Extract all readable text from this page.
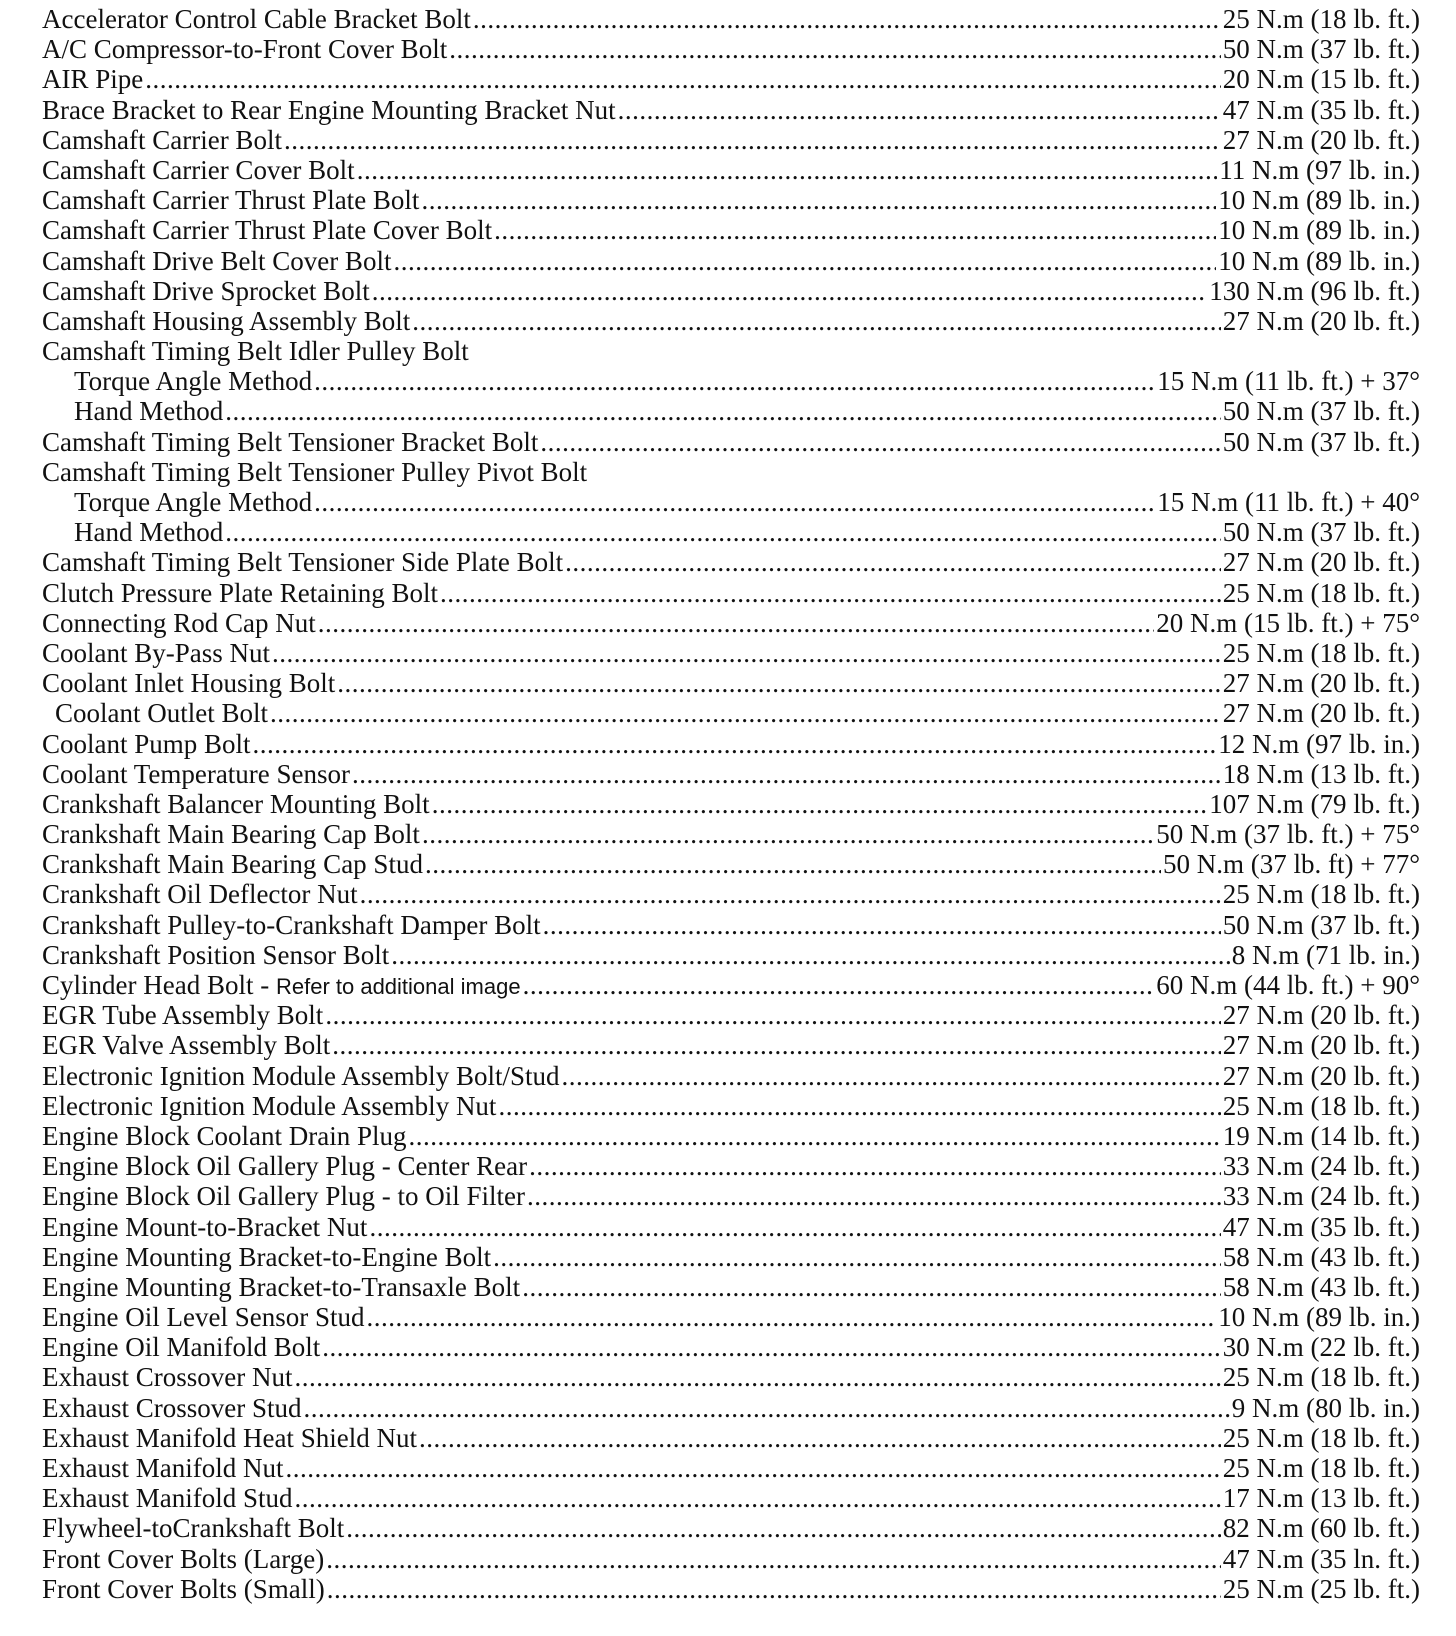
Accelerator Control Cable Bracket Bolt .....	25 N.m (18 lb. ft.)
A/C Compressor-to-Front Cover Bolt .....	50 N.m (37 lb. ft.)
AIR Pipe .....	20 N.m (15 lb. ft.)
Brace Bracket to Rear Engine Mounting Bracket Nut .....	47 N.m (35 lb. ft.)
Camshaft Carrier Bolt .....	27 N.m (20 lb. ft.)
Camshaft Carrier Cover Bolt .....	11 N.m (97 lb. in.)
Camshaft Carrier Thrust Plate Bolt .....	10 N.m (89 lb. in.)
Camshaft Carrier Thrust Plate Cover Bolt .....	10 N.m (89 lb. in.)
Camshaft Drive Belt Cover Bolt .....	10 N.m (89 lb. in.)
Camshaft Drive Sprocket Bolt .....	130 N.m (96 lb. ft.)
Camshaft Housing Assembly Bolt .....	27 N.m (20 lb. ft.)
Camshaft Timing Belt Idler Pulley Bolt
Torque Angle Method .....	15 N.m (11 lb. ft.) + 37°
Hand Method .....	50 N.m (37 lb. ft.)
Camshaft Timing Belt Tensioner Bracket Bolt .....	50 N.m (37 lb. ft.)
Camshaft Timing Belt Tensioner Pulley Pivot Bolt
Torque Angle Method .....	15 N.m (11 lb. ft.) + 40°
Hand Method .....	50 N.m (37 lb. ft.)
Camshaft Timing Belt Tensioner Side Plate Bolt .....	27 N.m (20 lb. ft.)
Clutch Pressure Plate Retaining Bolt .....	25 N.m (18 lb. ft.)
Connecting Rod Cap Nut .....	20 N.m (15 lb. ft.) + 75°
Coolant By-Pass Nut .....	25 N.m (18 lb. ft.)
Coolant Inlet Housing Bolt .....	27 N.m (20 lb. ft.)
Coolant Outlet Bolt .....	27 N.m (20 lb. ft.)
Coolant Pump Bolt .....	12 N.m (97 lb. in.)
Coolant Temperature Sensor .....	18 N.m (13 lb. ft.)
Crankshaft Balancer Mounting Bolt .....	107 N.m (79 lb. ft.)
Crankshaft Main Bearing Cap Bolt .....	50 N.m (37 lb. ft.) + 75°
Crankshaft Main Bearing Cap Stud .....	50 N.m (37 lb. ft) + 77°
Crankshaft Oil Deflector Nut .....	25 N.m (18 lb. ft.)
Crankshaft Pulley-to-Crankshaft Damper Bolt .....	50 N.m (37 lb. ft.)
Crankshaft Position Sensor Bolt .....	8 N.m (71 lb. in.)
Cylinder Head Bolt - Refer to additional image .....	60 N.m (44 lb. ft.) + 90°
EGR Tube Assembly Bolt .....	27 N.m (20 lb. ft.)
EGR Valve Assembly Bolt .....	27 N.m (20 lb. ft.)
Electronic Ignition Module Assembly Bolt/Stud .....	27 N.m (20 lb. ft.)
Electronic Ignition Module Assembly Nut .....	25 N.m (18 lb. ft.)
Engine Block Coolant Drain Plug .....	19 N.m (14 lb. ft.)
Engine Block Oil Gallery Plug - Center Rear .....	33 N.m (24 lb. ft.)
Engine Block Oil Gallery Plug - to Oil Filter .....	33 N.m (24 lb. ft.)
Engine Mount-to-Bracket Nut .....	47 N.m (35 lb. ft.)
Engine Mounting Bracket-to-Engine Bolt .....	58 N.m (43 lb. ft.)
Engine Mounting Bracket-to-Transaxle Bolt .....	58 N.m (43 lb. ft.)
Engine Oil Level Sensor Stud .....	10 N.m (89 lb. in.)
Engine Oil Manifold Bolt .....	30 N.m (22 lb. ft.)
Exhaust Crossover Nut .....	25 N.m (18 lb. ft.)
Exhaust Crossover Stud .....	9 N.m (80 lb. in.)
Exhaust Manifold Heat Shield Nut .....	25 N.m (18 lb. ft.)
Exhaust Manifold Nut .....	25 N.m (18 lb. ft.)
Exhaust Manifold Stud .....	17 N.m (13 lb. ft.)
Flywheel-toCrankshaft Bolt .....	82 N.m (60 lb. ft.)
Front Cover Bolts (Large) .....	47 N.m (35 ln. ft.)
Front Cover Bolts (Small) .....	25 N.m (25 lb. ft.)
